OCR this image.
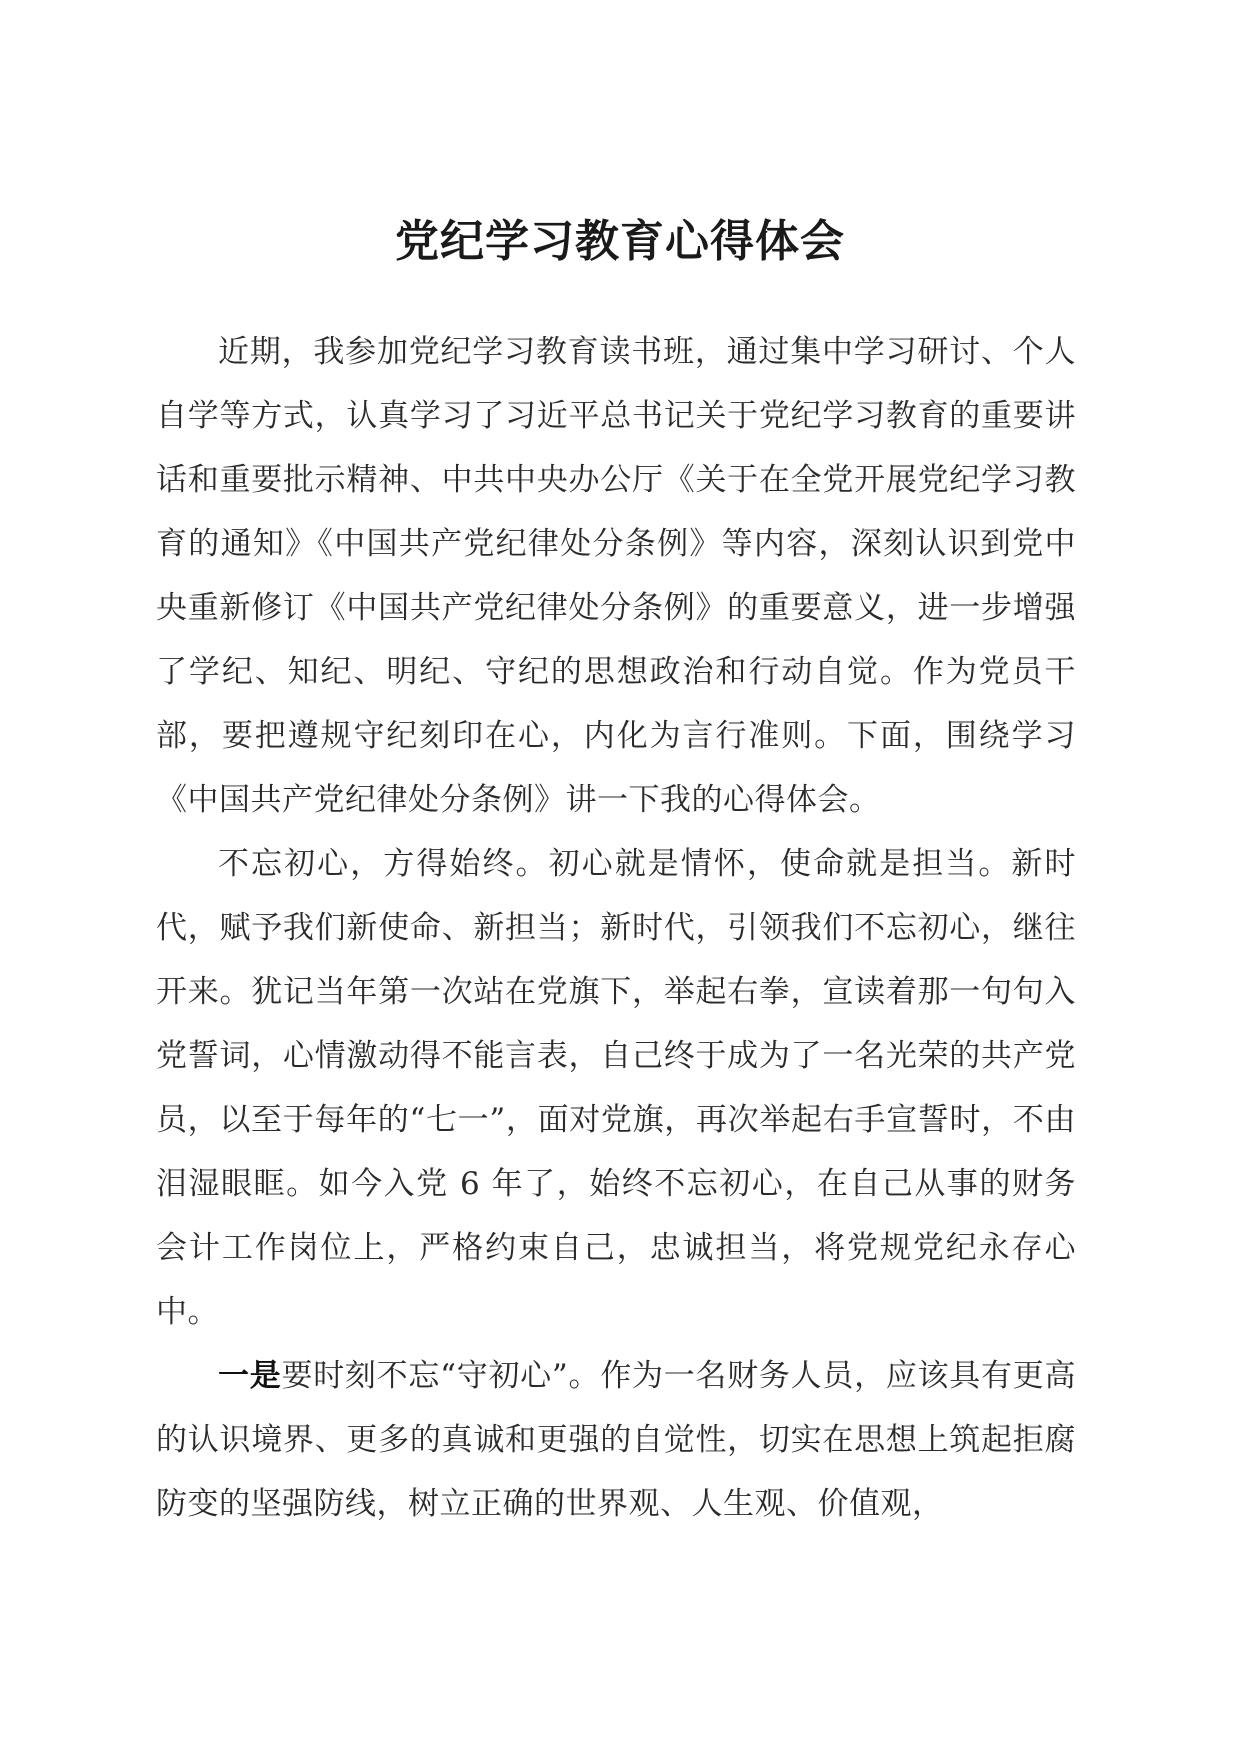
党纪学习教育心得体会

近期，我参加党纪学习教育读书班，通过集中学习研讨、个人自学等方式，认真学习了习近平总书记关于党纪学习教育的重要讲话和重要批示精神、中共中央办公厅《关于在全党开展党纪学习教育的通知》《中国共产党纪律处分条例》等内容，深刻认识到党中央重新修订《中国共产党纪律处分条例》的重要意义，进一步增强了学纪、知纪、明纪、守纪的思想政治和行动自觉。作为党员干部，要把遵规守纪刻印在心，内化为言行准则。下面，围绕学习《中国共产党纪律处分条例》讲一下我的心得体会。

不忘初心，方得始终。初心就是情怀，使命就是担当。新时代，赋予我们新使命、新担当；新时代，引领我们不忘初心，继往开来。犹记当年第一次站在党旗下，举起右拳，宣读着那一句句入党誓词，心情激动得不能言表，自己终于成为了一名光荣的共产党员，以至于每年的“七一”，面对党旗，再次举起右手宣誓时，不由泪湿眼眶。如今入党 6 年了，始终不忘初心，在自己从事的财务会计工作岗位上，严格约束自己，忠诚担当，将党规党纪永存心中。

一是要时刻不忘“守初心”。作为一名财务人员，应该具有更高的认识境界、更多的真诚和更强的自觉性，切实在思想上筑起拒腐防变的坚强防线，树立正确的世界观、人生观、价值观，
